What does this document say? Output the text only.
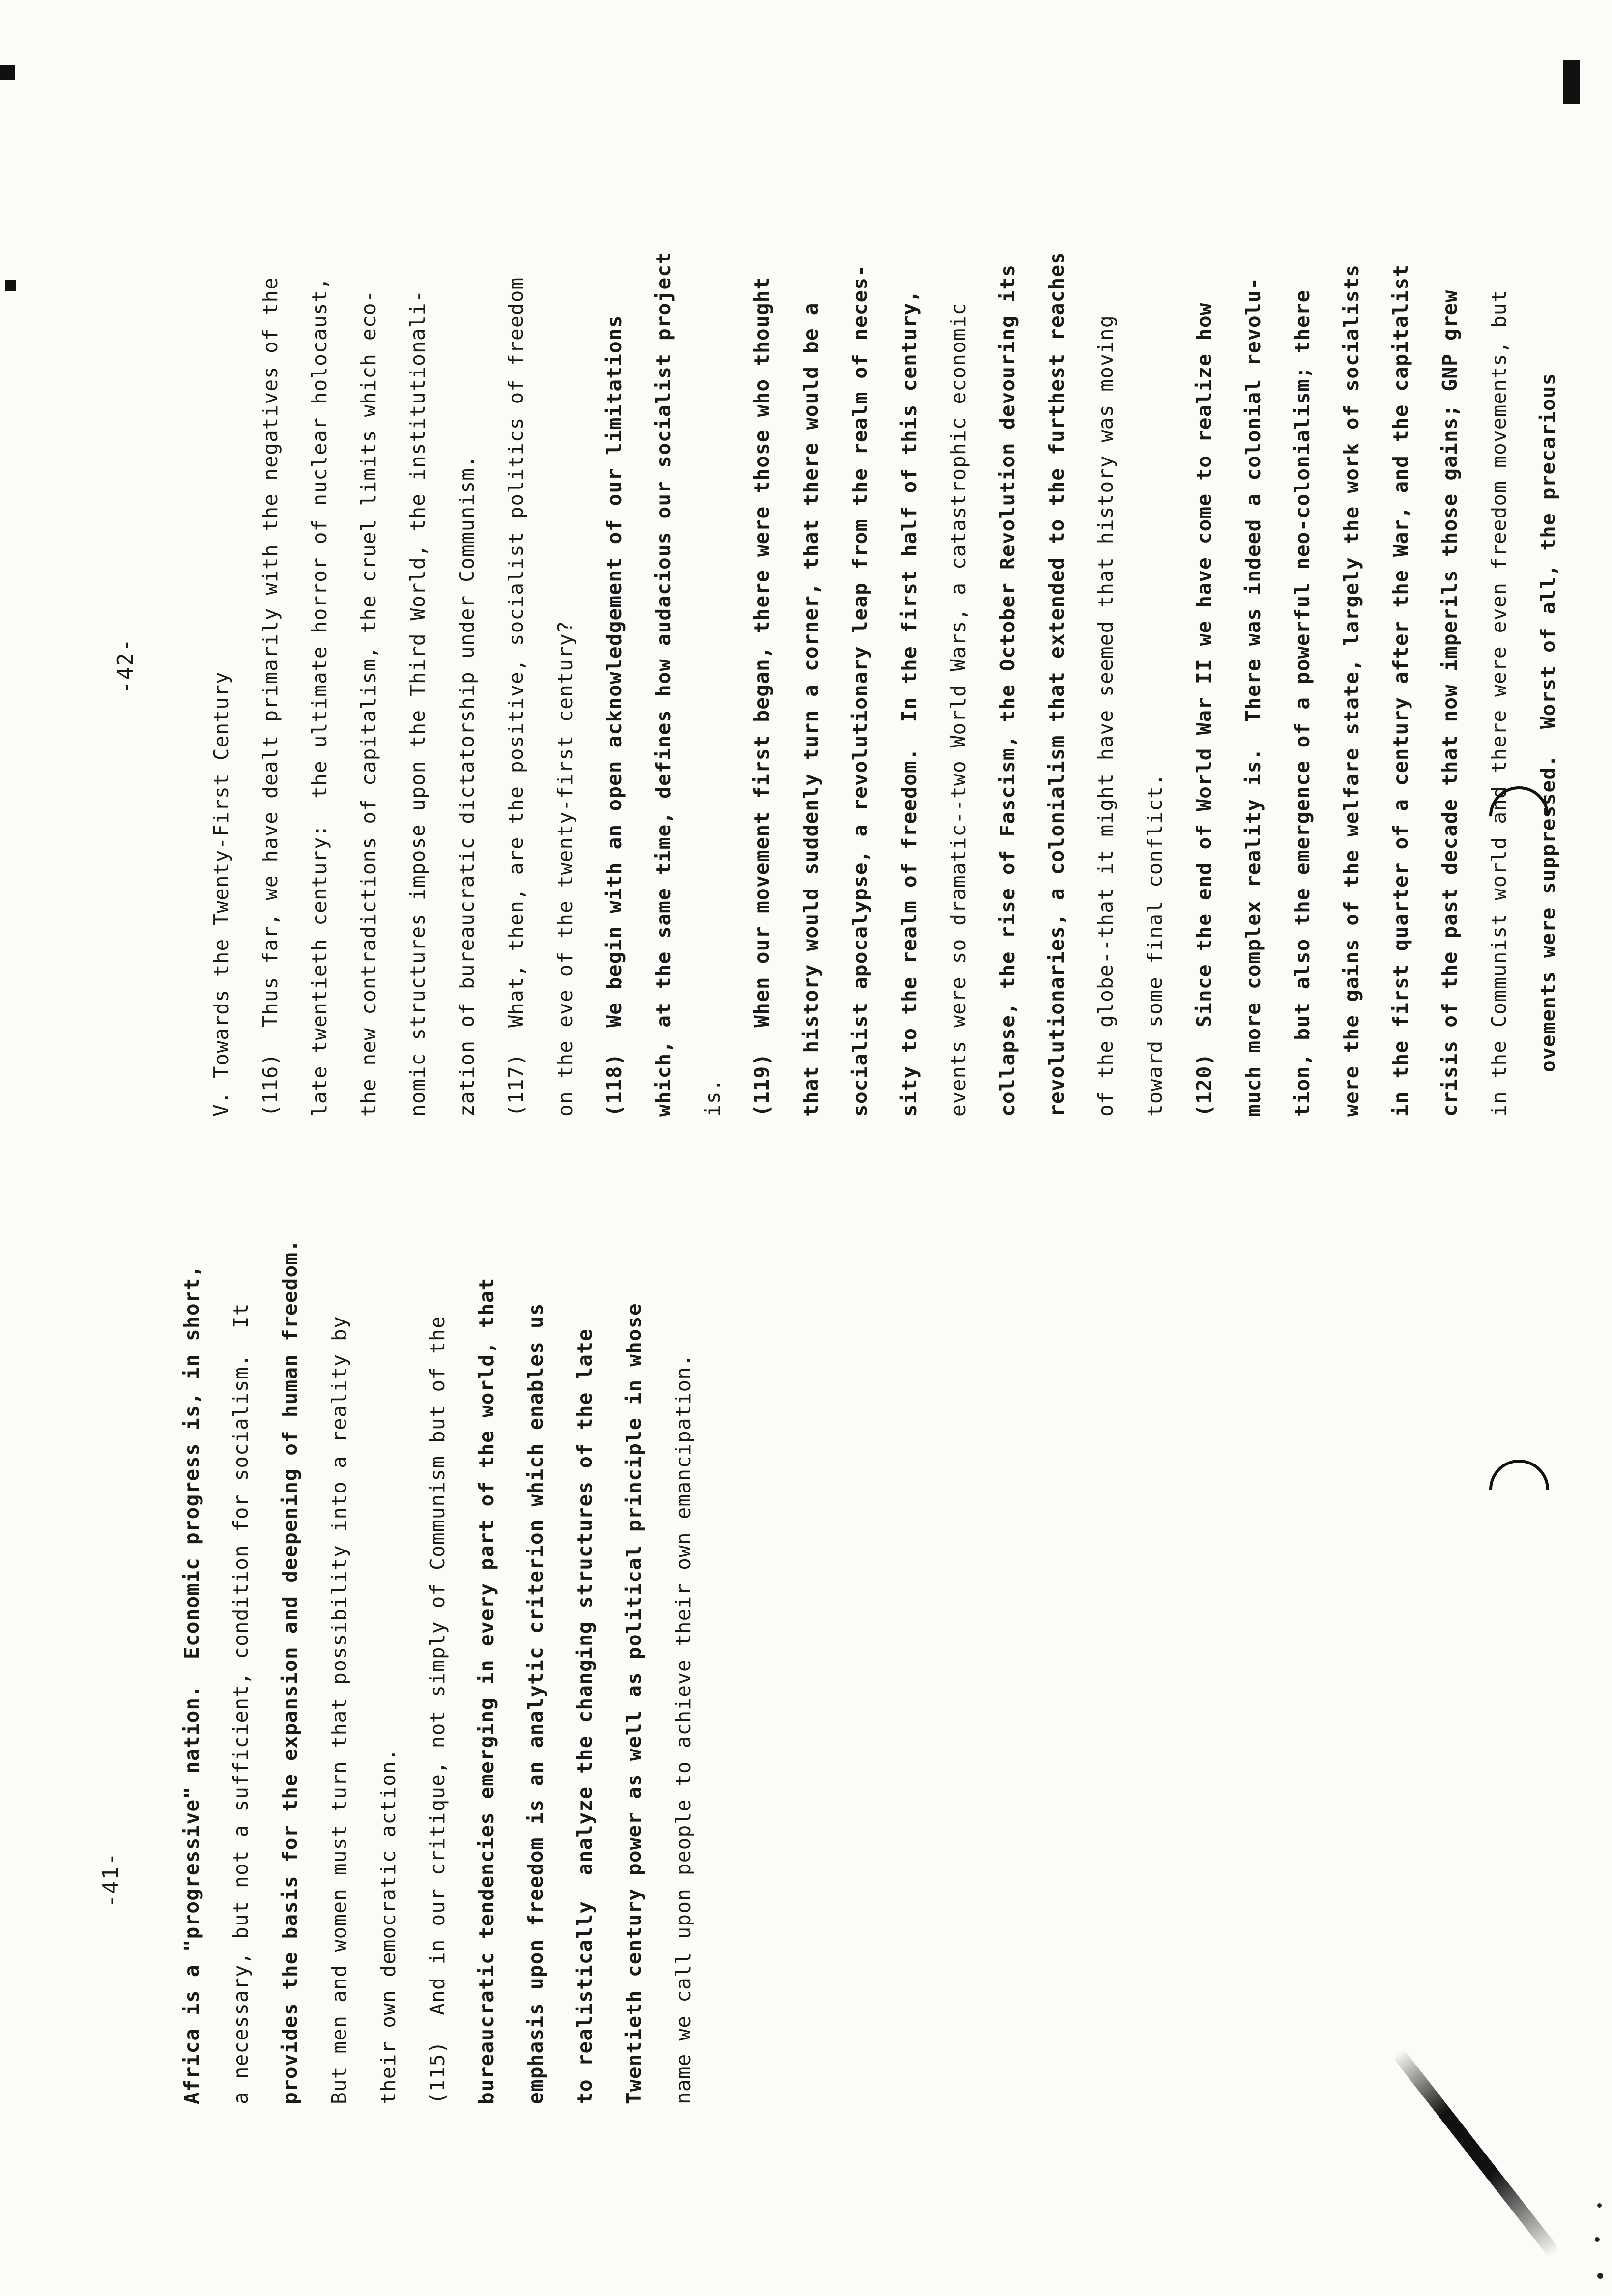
-41-	Africa is a "progressive" nation.  Economic progress is, in short, a necessary, but not a sufficient, condition for socialism.  It provides the basis for the expansion and deepening of human freedom. But men and women must turn that possibility into a reality by their own democratic action. (115)  And in our critique, not simply of Communism but of the bureaucratic tendencies emerging in every part of the world, that emphasis upon freedom is an analytic criterion which enables us to realistically  analyze the changing structures of the late Twentieth century power as well as political principle in whose name we call upon people to achieve their own emancipation.
-42-
V. Towards the Twenty-First Century (116)  Thus far, we have dealt primarily with the negatives of the late twentieth century:  the ultimate horror of nuclear holocaust, the new contradictions of capitalism, the cruel limits which eco- nomic structures impose upon the Third World, the institutionali- zation of bureaucratic dictatorship under Communism. (117)  What, then, are the positive, socialist politics of freedom on the eve of the twenty-first century? (118)  We begin with an open acknowledgement of our limitations which, at the same time, defines how audacious our socialist project is. (119)  When our movement first began, there were those who thought that history would suddenly turn a corner, that there would be a socialist apocalypse, a revolutionary leap from the realm of neces- sity to the realm of freedom.  In the first half of this century, events were so dramatic--two World Wars, a catastrophic economic collapse, the rise of Fascism, the October Revolution devouring its revolutionaries, a colonialism that extended to the furthest reaches of the globe--that it might have seemed that history was moving toward some final conflict. (120)  Since the end of World War II we have come to realize how much more complex reality is.  There was indeed a colonial revolu- tion, but also the emergence of a powerful neo-colonialism; there were the gains of the welfare state, largely the work of socialists in the first quarter of a century after the War, and the capitalist crisis of the past decade that now imperils those gains; GNP grew in the Communist world and there were even freedom movements, but ovements were suppressed.  Worst of all, the precarious
